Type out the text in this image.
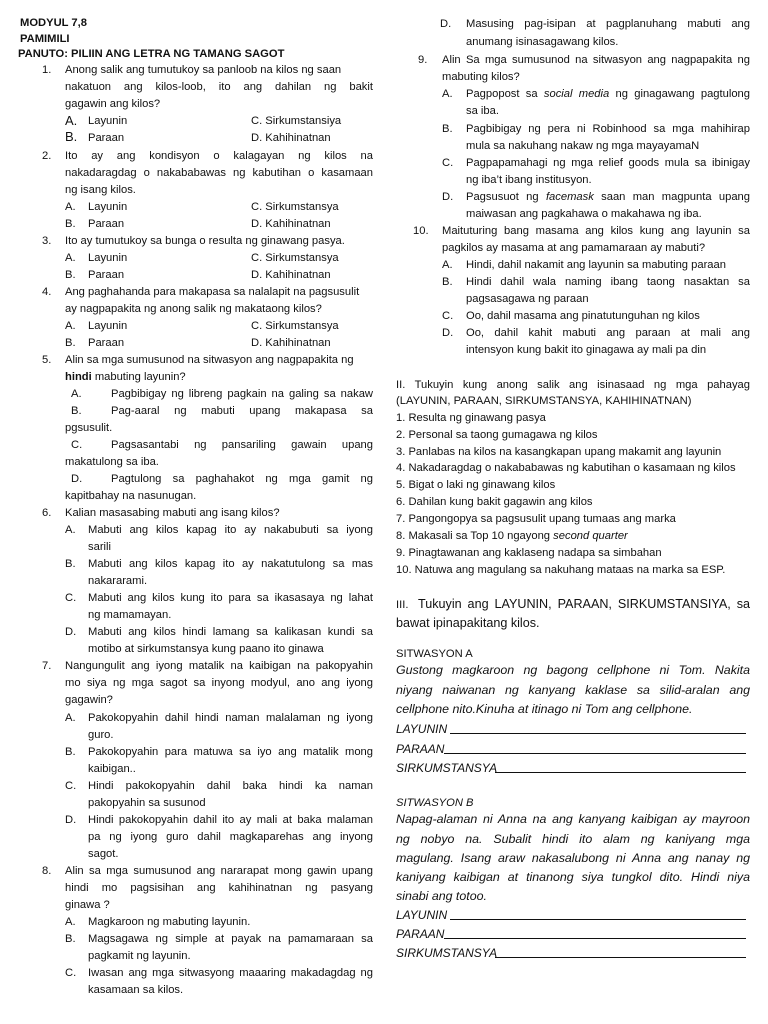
MODYUL 7,8
PAMIMILI
PANUTO: PILIIN ANG LETRA NG TAMANG SAGOT
1. Anong salik ang tumutukoy sa panloob na kilos ng saan
nakatuon ang kilos-loob, ito ang dahilan ng bakit
gagawin ang kilos?
A. Layunin	C. Sirkumstansiya
B. Paraan	D. Kahihinatnan
2. Ito ay ang kondisyon o kalagayan ng kilos na
nakadaragdag o nakababawas ng kabutihan o kasamaan
ng isang kilos.
A. Layunin	C. Sirkumstansya
B. Paraan	D. Kahihinatnan
3. Ito ay tumutukoy sa bunga o resulta ng ginawang pasya.
A. Layunin	C. Sirkumstansya
B. Paraan	D. Kahihinatnan
4. Ang paghahanda para makapasa sa nalalapit na pagsusulit
ay nagpapakita ng anong salik ng makataong kilos?
A. Layunin	C. Sirkumstansya
B. Paraan	D. Kahihinatnan
5. Alin sa mga sumusunod na sitwasyon ang nagpapakita ng
hindi mabuting layunin?
A.	Pagbibigay ng libreng pagkain na galing sa nakaw
B.	Pag-aaral ng mabuti upang makapasa sa
pgsusulit.
C.	Pagsasantabi ng pansariling gawain upang
makatulong sa iba.
D.	Pagtulong sa paghahakot ng mga gamit ng
kapitbahay na nasunugan.
6. Kalian masasabing mabuti ang isang kilos?
A. Mabuti ang kilos kapag ito ay nakabubuti sa iyong
sarili
B. Mabuti ang kilos kapag ito ay nakatutulong sa mas
nakararami.
C. Mabuti ang kilos kung ito para sa ikasasaya ng lahat
ng mamamayan.
D. Mabuti ang kilos hindi lamang sa kalikasan kundi sa
motibo at sirkumstansya kung paano ito ginawa
7. Nangungulit ang iyong matalik na kaibigan na pakopyahin
mo siya ng mga sagot sa inyong modyul, ano ang iyong
gagawin?
A. Pakokopyahin dahil hindi naman malalaman ng iyong
guro.
B. Pakokopyahin para matuwa sa iyo ang matalik mong
kaibigan..
C. Hindi pakokopyahin dahil baka hindi ka naman
pakopyahin sa susunod
D. Hindi pakokopyahin dahil ito ay mali at baka malaman
pa ng iyong guro dahil magkaparehas ang inyong
sagot.
8. Alin sa mga sumusunod ang nararapat mong gawin upang
hindi mo pagsisihan ang kahihinatnan ng pasyang
ginawa ?
A. Magkaroon ng mabuting layunin.
B. Magsagawa ng simple at payak na pamamaraan sa
pagkamit ng layunin.
C. Iwasan ang mga sitwasyong maaaring makadagdag ng
kasamaan sa kilos.
D. Masusing pag-isipan at pagplanuhang mabuti ang
anumang isinasagawang kilos.
9. Alin Sa mga sumusunod na sitwasyon ang nagpapakita ng
mabuting kilos?
A. Pagpopost sa social media ng ginagawang pagtulong
sa iba.
B. Pagbibigay ng pera ni Robinhood sa mga mahihirap
mula sa nakuhang nakaw ng mga mayayamaN
C. Pagpapamahagi ng mga relief goods mula sa ibinigay
ng iba’t ibang institusyon.
D. Pagsusuot ng facemask saan man magpunta upang
maiwasan ang pagkahawa o makahawa ng iba.
10. Maituturing bang masama ang kilos kung ang layunin sa
pagkilos ay masama at ang pamamaraan ay mabuti?
A. Hindi, dahil nakamit ang layunin sa mabuting paraan
B. Hindi dahil wala naming ibang taong nasaktan sa
pagsasagawa ng paraan
C. Oo, dahil masama ang pinatutunguhan ng kilos
D. Oo, dahil kahit mabuti ang paraan at mali ang
intensyon kung bakit ito ginagawa ay mali pa din
II. Tukuyin kung anong salik ang isinasaad ng mga pahayag
(LAYUNIN, PARAAN, SIRKUMSTANSYA, KAHIHINATNAN)
1. Resulta ng ginawang pasya
2. Personal sa taong gumagawa ng kilos
3. Panlabas na kilos na kasangkapan upang makamit ang layunin
4. Nakadaragdag o nakababawas ng kabutihan o kasamaan ng kilos
5. Bigat o laki ng ginawang kilos
6. Dahilan kung bakit gagawin ang kilos
7. Pangongopya sa pagsusulit upang tumaas ang marka
8. Makasali sa Top 10 ngayong second quarter
9. Pinagtawanan ang kaklaseng nadapa sa simbahan
10. Natuwa ang magulang sa nakuhang mataas na marka sa ESP.
III. Tukuyin ang LAYUNIN, PARAAN, SIRKUMSTANSIYA, sa
bawat ipinapakitang kilos.
SITWASYON A
Gustong magkaroon ng bagong cellphone ni Tom. Nakita
niyang naiwanan ng kanyang kaklase sa silid-aralan ang
cellphone nito.Kinuha at itinago ni Tom ang cellphone.
LAYUNIN
PARAAN
SIRKUMSTANSYA
SITWASYON B
Napag-alaman ni Anna na ang kanyang kaibigan ay mayroon
ng nobyo na. Subalit hindi ito alam ng kaniyang mga
magulang. Isang araw nakasalubong ni Anna ang nanay ng
kaniyang kaibigan at tinanong siya tungkol dito. Hindi niya
sinabi ang totoo.
LAYUNIN
PARAAN
SIRKUMSTANSYA
